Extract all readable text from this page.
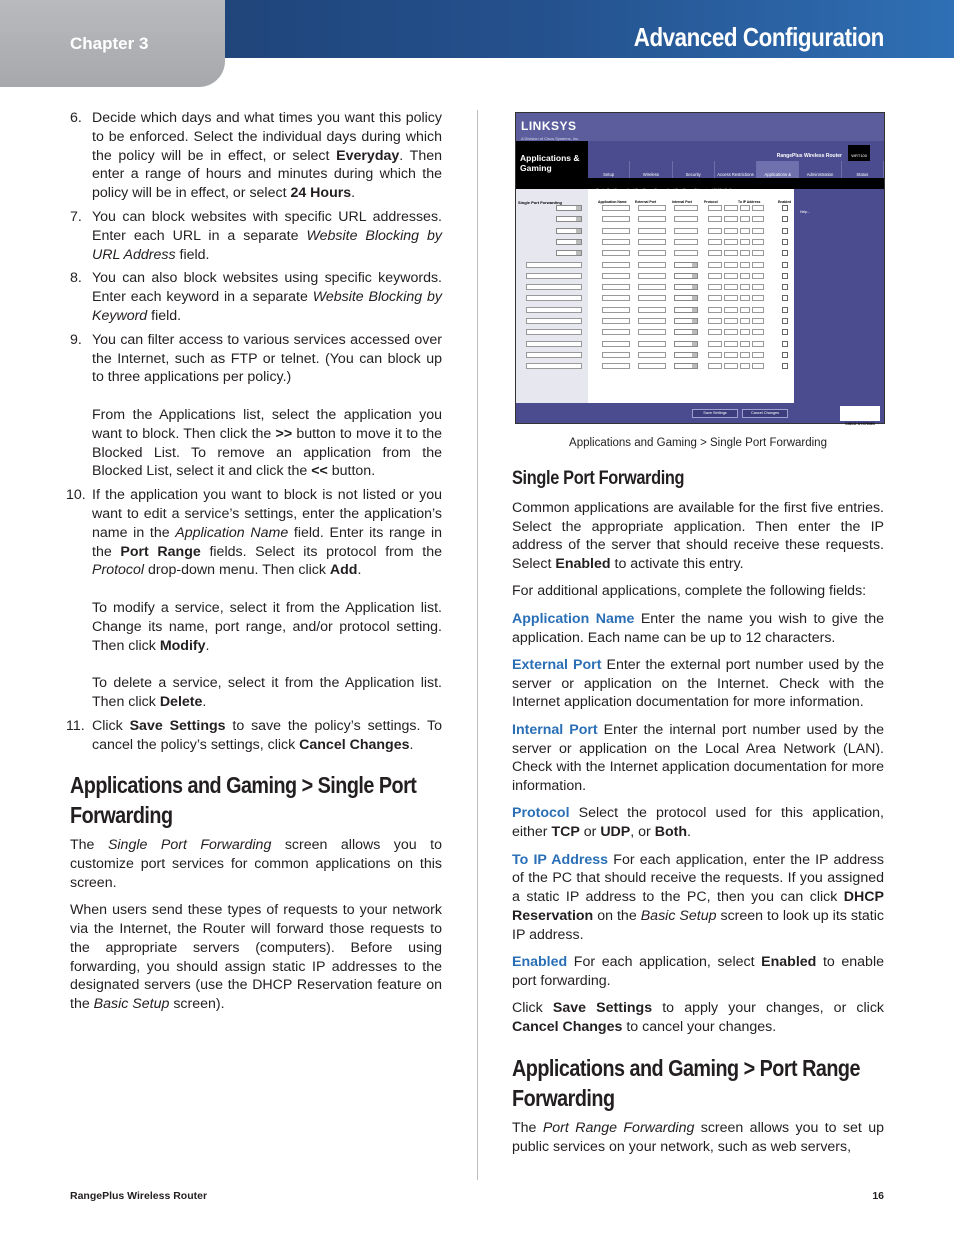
Chapter 3	Advanced Configuration
6. Decide which days and what times you want this policy to be enforced. Select the individual days during which the policy will be in effect, or select Everyday. Then enter a range of hours and minutes during which the policy will be in effect, or select 24 Hours.

7. You can block websites with specific URL addresses. Enter each URL in a separate Website Blocking by URL Address field.

8. You can also block websites using specific keywords. Enter each keyword in a separate Website Blocking by Keyword field.

9. You can filter access to various services accessed over the Internet, such as FTP or telnet. (You can block up to three applications per policy.)

From the Applications list, select the application you want to block. Then click the >> button to move it to the Blocked List. To remove an application from the Blocked List, select it and click the << button.

10. If the application you want to block is not listed or you want to edit a service’s settings, enter the application’s name in the Application Name field. Enter its range in the Port Range fields. Select its protocol from the Protocol drop-down menu. Then click Add.

To modify a service, select it from the Application list. Change its name, port range, and/or protocol setting. Then click Modify.

To delete a service, select it from the Application list. Then click Delete.

11. Click Save Settings to save the policy’s settings. To cancel the policy’s settings, click Cancel Changes.

Applications and Gaming > Single Port Forwarding

The Single Port Forwarding screen allows you to customize port services for common applications on this screen.

When users send these types of requests to your network via the Internet, the Router will forward those requests to the appropriate servers (computers). Before using forwarding, you should assign static IP addresses to the designated servers (use the DHCP Reservation feature on the Basic Setup screen).

LINKSYS
A Division of Cisco Systems, Inc.
Applications & Gaming
RangePlus Wireless Router	WRT100
Setup	Wireless	Security	Access Restrictions	Applications &	Administration	Status
Single Port Forwarding	Application Name External Port	Internal Port	Protocol	To IP Address	Enabled
Help...
Save Settings	Cancel Changes
CISCO SYSTEMS
Applications and Gaming > Single Port Forwarding
Single Port Forwarding

Common applications are available for the first five entries. Select the appropriate application. Then enter the IP address of the server that should receive these requests. Select Enabled to activate this entry.

For additional applications, complete the following fields:

Application Name Enter the name you wish to give the application. Each name can be up to 12 characters.

External Port Enter the external port number used by the server or application on the Internet. Check with the Internet application documentation for more information.

Internal Port Enter the internal port number used by the server or application on the Local Area Network (LAN). Check with the Internet application documentation for more information.

Protocol Select the protocol used for this application, either TCP or UDP, or Both.

To IP Address For each application, enter the IP address of the PC that should receive the requests. If you assigned a static IP address to the PC, then you can click DHCP Reservation on the Basic Setup screen to look up its static IP address.

Enabled For each application, select Enabled to enable port forwarding.

Click Save Settings to apply your changes, or click Cancel Changes to cancel your changes.

Applications and Gaming > Port Range Forwarding

The Port Range Forwarding screen allows you to set up public services on your network, such as web servers,

RangePlus Wireless Router	16
